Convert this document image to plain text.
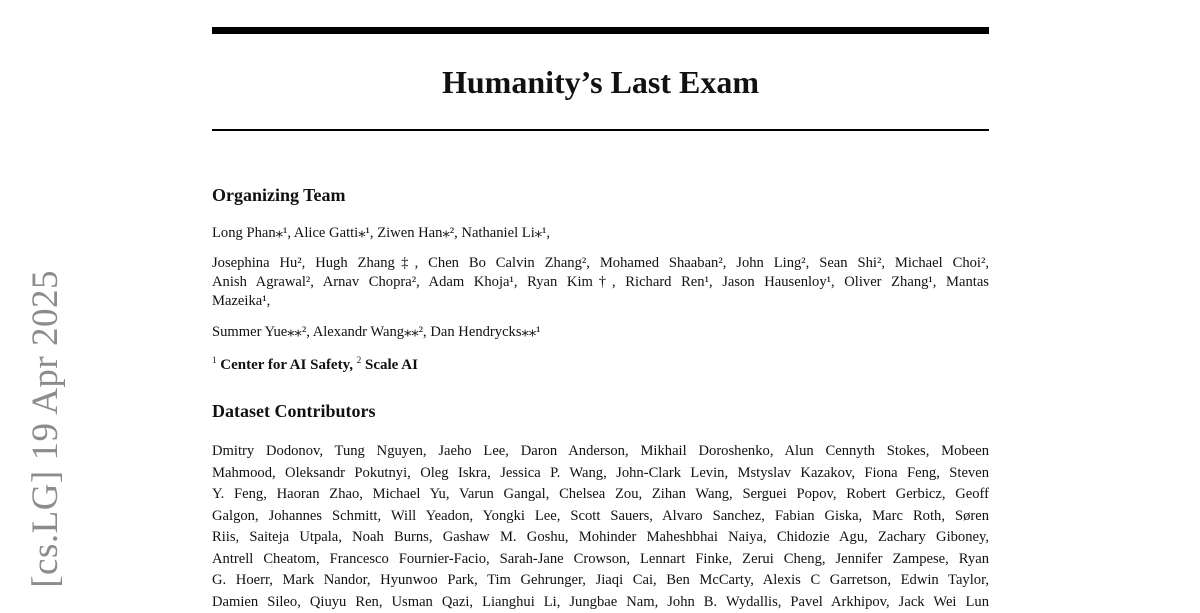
[cs.LG] 19 Apr 2025
Humanity’s Last Exam
Organizing Team
Long Phan⁎¹, Alice Gatti⁎¹, Ziwen Han⁎², Nathaniel Li⁎¹,
Josephina Hu², Hugh Zhang‡, Chen Bo Calvin Zhang², Mohamed Shaaban², John Ling², Sean Shi², Michael Choi²,
Anish Agrawal², Arnav Chopra², Adam Khoja¹, Ryan Kim†, Richard Ren¹, Jason Hausenloy¹, Oliver Zhang¹, Mantas
Mazeika¹,
Summer Yue⁎⁎², Alexandr Wang⁎⁎², Dan Hendrycks⁎⁎¹
$^1$ Center for AI Safety, $^2$ Scale AI
Dataset Contributors
Dmitry Dodonov, Tung Nguyen, Jaeho Lee, Daron Anderson, Mikhail Doroshenko, Alun Cennyth Stokes, Mobeen
Mahmood, Oleksandr Pokutnyi, Oleg Iskra, Jessica P. Wang, John-Clark Levin, Mstyslav Kazakov, Fiona Feng, Steven
Y. Feng, Haoran Zhao, Michael Yu, Varun Gangal, Chelsea Zou, Zihan Wang, Serguei Popov, Robert Gerbicz, Geoff
Galgon, Johannes Schmitt, Will Yeadon, Yongki Lee, Scott Sauers, Alvaro Sanchez, Fabian Giska, Marc Roth, Søren
Riis, Saiteja Utpala, Noah Burns, Gashaw M. Goshu, Mohinder Maheshbhai Naiya, Chidozie Agu, Zachary Giboney,
Antrell Cheatom, Francesco Fournier-Facio, Sarah-Jane Crowson, Lennart Finke, Zerui Cheng, Jennifer Zampese, Ryan
G. Hoerr, Mark Nandor, Hyunwoo Park, Tim Gehrunger, Jiaqi Cai, Ben McCarty, Alexis C Garretson, Edwin Taylor,
Damien Sileo, Qiuyu Ren, Usman Qazi, Lianghui Li, Jungbae Nam, John B. Wydallis, Pavel Arkhipov, Jack Wei Lun
